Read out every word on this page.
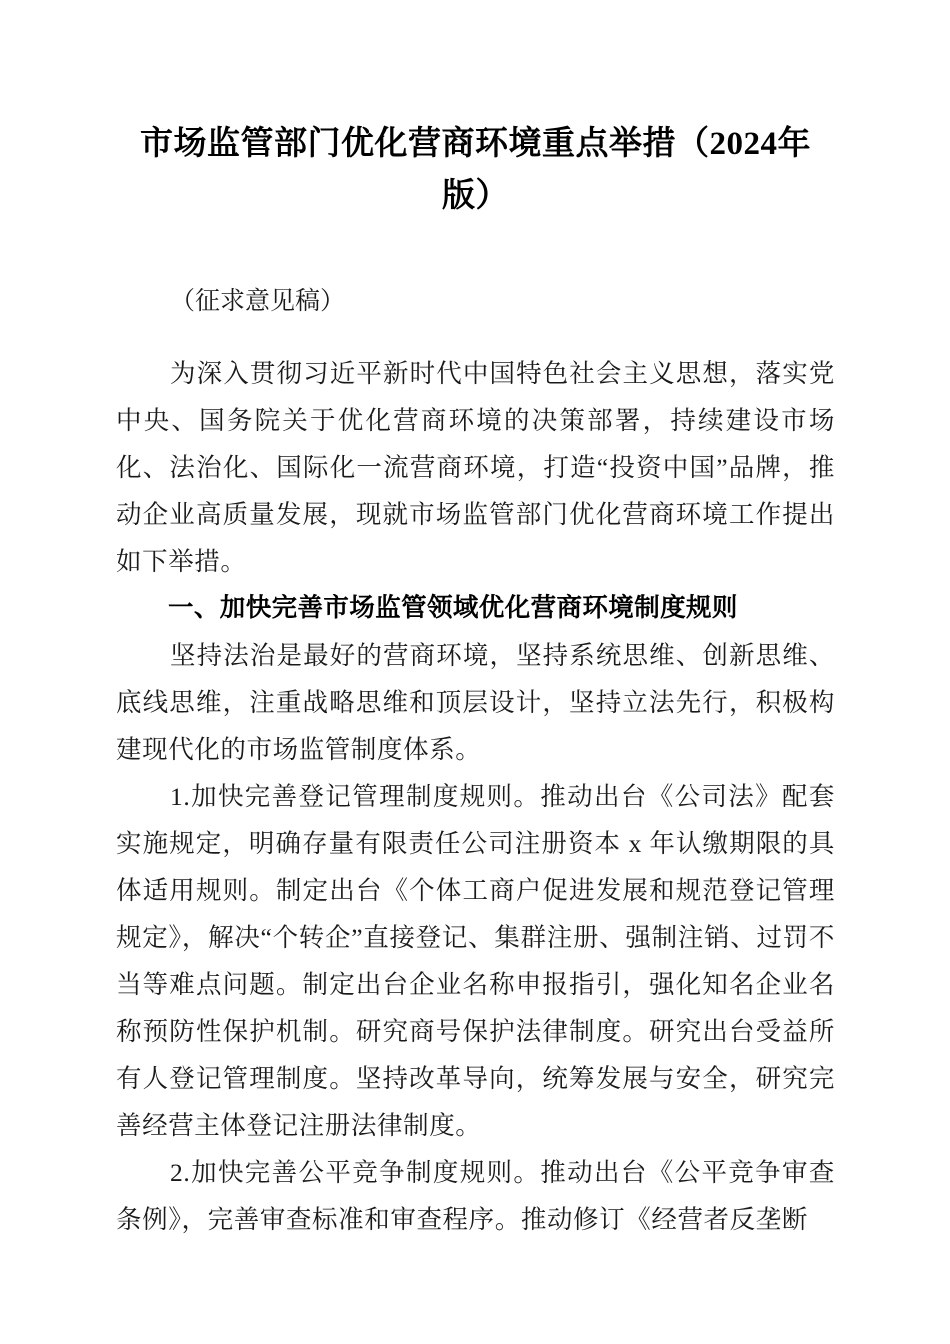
市场监管部门优化营商环境重点举措（2024年版）

（征求意见稿）

为深入贯彻习近平新时代中国特色社会主义思想，落实党中央、国务院关于优化营商环境的决策部署，持续建设市场化、法治化、国际化一流营商环境，打造“投资中国”品牌，推动企业高质量发展，现就市场监管部门优化营商环境工作提出如下举措。

一、加快完善市场监管领域优化营商环境制度规则

坚持法治是最好的营商环境，坚持系统思维、创新思维、底线思维，注重战略思维和顶层设计，坚持立法先行，积极构建现代化的市场监管制度体系。

1.加快完善登记管理制度规则。推动出台《公司法》配套实施规定，明确存量有限责任公司注册资本 x 年认缴期限的具体适用规则。制定出台《个体工商户促进发展和规范登记管理规定》，解决“个转企”直接登记、集群注册、强制注销、过罚不当等难点问题。制定出台企业名称申报指引，强化知名企业名称预防性保护机制。研究商号保护法律制度。研究出台受益所有人登记管理制度。坚持改革导向，统筹发展与安全，研究完善经营主体登记注册法律制度。

2.加快完善公平竞争制度规则。推动出台《公平竞争审查条例》，完善审查标准和审查程序。推动修订《经营者反垄断
